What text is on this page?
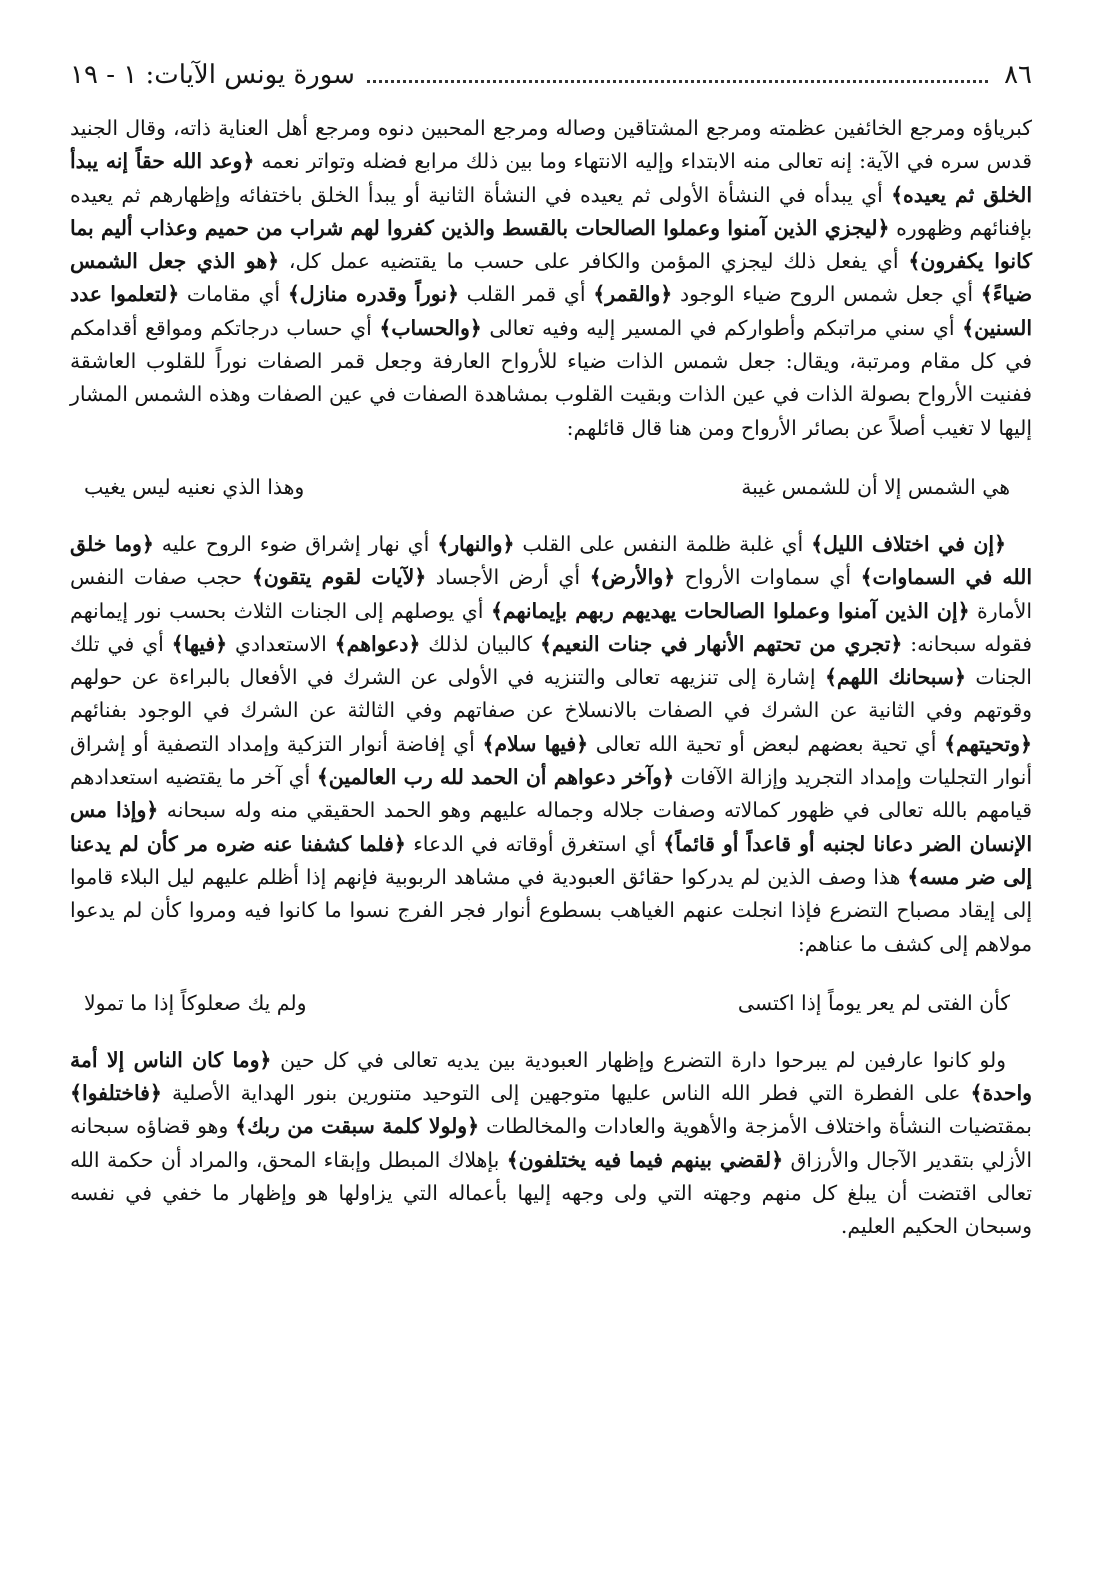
٨٦
سورة يونس الآيات: ١ - ١٩

كبرياؤه ومرجع الخائفين عظمته ومرجع المشتاقين وصاله ومرجع المحبين دنوه ومرجع أهل العناية ذاته، وقال الجنيد قدس سره في الآية: إنه تعالى منه الابتداء وإليه الانتهاء وما بين ذلك مرابع فضله وتواتر نعمه ﴿وعد الله حقاً إنه يبدأ الخلق ثم يعيده﴾ أي يبدأه في النشأة الأولى ثم يعيده في النشأة الثانية أو يبدأ الخلق باختفائه وإظهارهم ثم يعيده بإفنائهم وظهوره ﴿ليجزي الذين آمنوا وعملوا الصالحات بالقسط والذين كفروا لهم شراب من حميم وعذاب أليم بما كانوا يكفرون﴾ أي يفعل ذلك ليجزي المؤمن والكافر على حسب ما يقتضيه عمل كل، ﴿هو الذي جعل الشمس ضياءً﴾ أي جعل شمس الروح ضياء الوجود ﴿والقمر﴾ أي قمر القلب ﴿نوراً وقدره منازل﴾ أي مقامات ﴿لتعلموا عدد السنين﴾ أي سني مراتبكم وأطواركم في المسير إليه وفيه تعالى ﴿والحساب﴾ أي حساب درجاتكم ومواقع أقدامكم في كل مقام ومرتبة، ويقال: جعل شمس الذات ضياء للأرواح العارفة وجعل قمر الصفات نوراً للقلوب العاشقة ففنيت الأرواح بصولة الذات في عين الذات وبقيت القلوب بمشاهدة الصفات في عين الصفات وهذه الشمس المشار إليها لا تغيب أصلاً عن بصائر الأرواح ومن هنا قال قائلهم:

هي الشمس إلا أن للشمس غيبة
وهذا الذي نعنيه ليس يغيب

﴿إن في اختلاف الليل﴾ أي غلبة ظلمة النفس على القلب ﴿والنهار﴾ أي نهار إشراق ضوء الروح عليه ﴿وما خلق الله في السماوات﴾ أي سماوات الأرواح ﴿والأرض﴾ أي أرض الأجساد ﴿لآيات لقوم يتقون﴾ حجب صفات النفس الأمارة ﴿إن الذين آمنوا وعملوا الصالحات يهديهم ربهم بإيمانهم﴾ أي يوصلهم إلى الجنات الثلاث بحسب نور إيمانهم فقوله سبحانه: ﴿تجري من تحتهم الأنهار في جنات النعيم﴾ كالبيان لذلك ﴿دعواهم﴾ الاستعدادي ﴿فيها﴾ أي في تلك الجنات ﴿سبحانك اللهم﴾ إشارة إلى تنزيهه تعالى والتنزيه في الأولى عن الشرك في الأفعال بالبراءة عن حولهم وقوتهم وفي الثانية عن الشرك في الصفات بالانسلاخ عن صفاتهم وفي الثالثة عن الشرك في الوجود بفنائهم ﴿وتحيتهم﴾ أي تحية بعضهم لبعض أو تحية الله تعالى ﴿فيها سلام﴾ أي إفاضة أنوار التزكية وإمداد التصفية أو إشراق أنوار التجليات وإمداد التجريد وإزالة الآفات ﴿وآخر دعواهم أن الحمد لله رب العالمين﴾ أي آخر ما يقتضيه استعدادهم قيامهم بالله تعالى في ظهور كمالاته وصفات جلاله وجماله عليهم وهو الحمد الحقيقي منه وله سبحانه ﴿وإذا مس الإنسان الضر دعانا لجنبه أو قاعداً أو قائماً﴾ أي استغرق أوقاته في الدعاء ﴿فلما كشفنا عنه ضره مر كأن لم يدعنا إلى ضر مسه﴾ هذا وصف الذين لم يدركوا حقائق العبودية في مشاهد الربوبية فإنهم إذا أظلم عليهم ليل البلاء قاموا إلى إيقاد مصباح التضرع فإذا انجلت عنهم الغياهب بسطوع أنوار فجر الفرج نسوا ما كانوا فيه ومروا كأن لم يدعوا مولاهم إلى كشف ما عناهم:

كأن الفتى لم يعر يوماً إذا اكتسى
ولم يك صعلوكاً إذا ما تمولا

ولو كانوا عارفين لم يبرحوا دارة التضرع وإظهار العبودية بين يديه تعالى في كل حين ﴿وما كان الناس إلا أمة واحدة﴾ على الفطرة التي فطر الله الناس عليها متوجهين إلى التوحيد متنورين بنور الهداية الأصلية ﴿فاختلفوا﴾ بمقتضيات النشأة واختلاف الأمزجة والأهوية والعادات والمخالطات ﴿ولولا كلمة سبقت من ربك﴾ وهو قضاؤه سبحانه الأزلي بتقدير الآجال والأرزاق ﴿لقضي بينهم فيما فيه يختلفون﴾ بإهلاك المبطل وإبقاء المحق، والمراد أن حكمة الله تعالى اقتضت أن يبلغ كل منهم وجهته التي ولى وجهه إليها بأعماله التي يزاولها هو وإظهار ما خفي في نفسه وسبحان الحكيم العليم.
